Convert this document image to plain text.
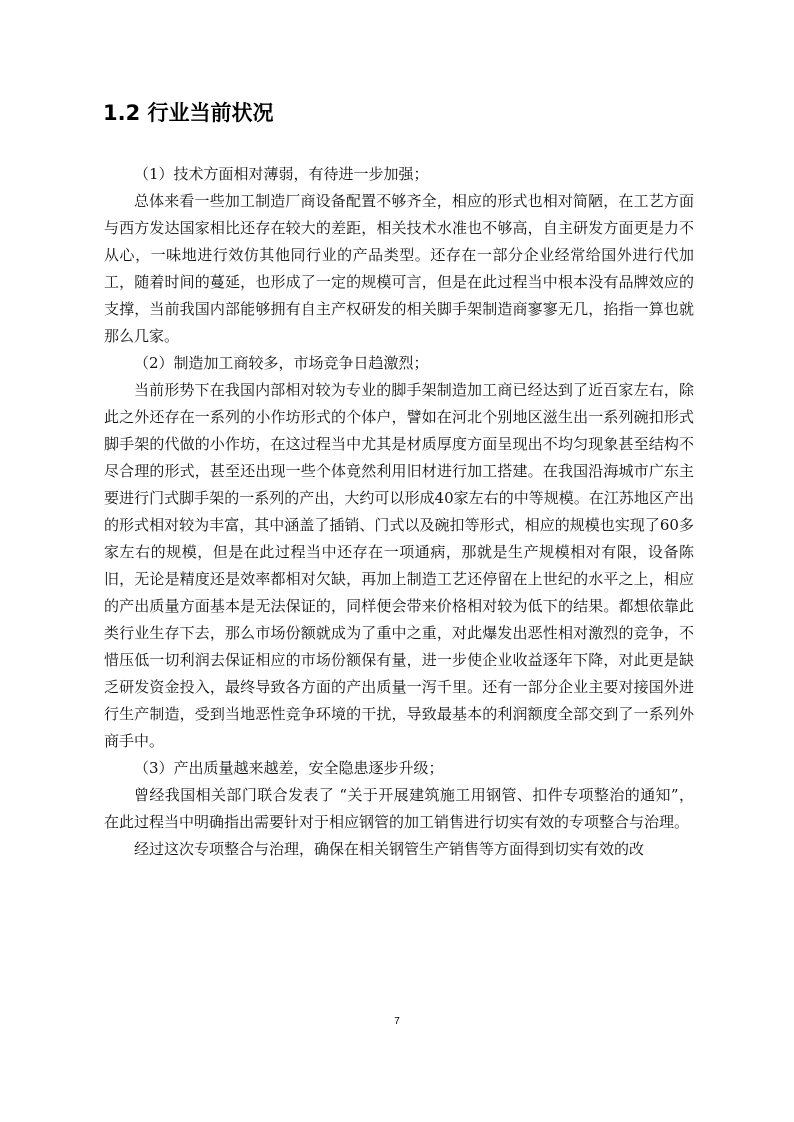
1.2 行业当前状况

（1）技术方面相对薄弱，有待进一步加强；

总体来看一些加工制造厂商设备配置不够齐全，相应的形式也相对简陋，在工艺方面与西方发达国家相比还存在较大的差距，相关技术水准也不够高，自主研发方面更是力不从心，一味地进行效仿其他同行业的产品类型。还存在一部分企业经常给国外进行代加工，随着时间的蔓延，也形成了一定的规模可言，但是在此过程当中根本没有品牌效应的支撑，当前我国内部能够拥有自主产权研发的相关脚手架制造商寥寥无几，掐指一算也就那么几家。

（2）制造加工商较多，市场竞争日趋激烈；

当前形势下在我国内部相对较为专业的脚手架制造加工商已经达到了近百家左右，除此之外还存在一系列的小作坊形式的个体户，譬如在河北个别地区滋生出一系列碗扣形式脚手架的代做的小作坊，在这过程当中尤其是材质厚度方面呈现出不均匀现象甚至结构不尽合理的形式，甚至还出现一些个体竟然利用旧材进行加工搭建。在我国沿海城市广东主要进行门式脚手架的一系列的产出，大约可以形成40家左右的中等规模。在江苏地区产出的形式相对较为丰富，其中涵盖了插销、门式以及碗扣等形式，相应的规模也实现了60多家左右的规模，但是在此过程当中还存在一项通病，那就是生产规模相对有限，设备陈旧，无论是精度还是效率都相对欠缺，再加上制造工艺还停留在上世纪的水平之上，相应的产出质量方面基本是无法保证的，同样便会带来价格相对较为低下的结果。都想依靠此类行业生存下去，那么市场份额就成为了重中之重，对此爆发出恶性相对激烈的竞争，不惜压低一切利润去保证相应的市场份额保有量，进一步使企业收益逐年下降，对此更是缺乏研发资金投入，最终导致各方面的产出质量一泻千里。还有一部分企业主要对接国外进行生产制造，受到当地恶性竞争环境的干扰，导致最基本的利润额度全部交到了一系列外商手中。

（3）产出质量越来越差，安全隐患逐步升级；

曾经我国相关部门联合发表了 “关于开展建筑施工用钢管、扣件专项整治的通知”，在此过程当中明确指出需要针对于相应钢管的加工销售进行切实有效的专项整合与治理。

经过这次专项整合与治理，确保在相关钢管生产销售等方面得到切实有效的改

7
